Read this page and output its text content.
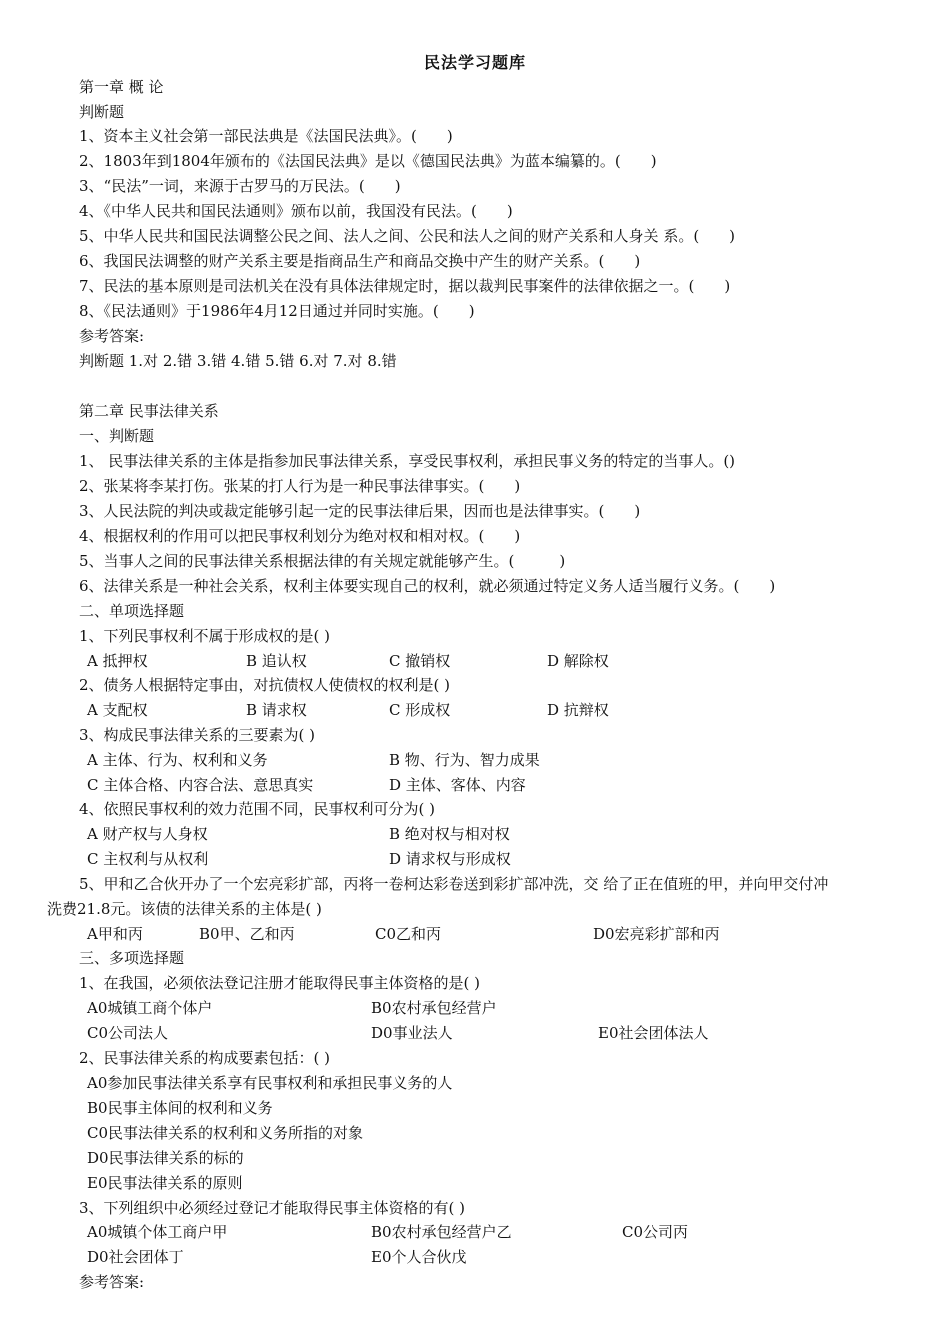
民法学习题库
第一章 概 论
判断题
1、资本主义社会第一部民法典是《法国民法典》。(　　)
2、1803年到1804年颁布的《法国民法典》是以《德国民法典》为蓝本编纂的。(　　)
3、“民法”一词，来源于古罗马的万民法。(　　)
4、《中华人民共和国民法通则》颁布以前，我国没有民法。(　　)
5、中华人民共和国民法调整公民之间、法人之间、公民和法人之间的财产关系和人身关 系。(　　)
6、我国民法调整的财产关系主要是指商品生产和商品交换中产生的财产关系。(　　)
7、民法的基本原则是司法机关在没有具体法律规定时，据以裁判民事案件的法律依据之一。(　　)
8、《民法通则》于1986年4月12日通过并同时实施。(　　)
参考答案:
判断题 1.对 2.错 3.错 4.错 5.错 6.对 7.对 8.错
第二章 民事法律关系
一、判断题
1、 民事法律关系的主体是指参加民事法律关系，享受民事权利，承担民事义务的特定的当事人。()
2、张某将李某打伤。张某的打人行为是一种民事法律事实。(　　)
3、人民法院的判决或裁定能够引起一定的民事法律后果，因而也是法律事实。(　　)
4、根据权利的作用可以把民事权利划分为绝对权和相对权。(　　)
5、当事人之间的民事法律关系根据法律的有关规定就能够产生。(　　　)
6、法律关系是一种社会关系，权利主体要实现自己的权利，就必须通过特定义务人适当履行义务。(　　)
二、单项选择题
1、下列民事权利不属于形成权的是( )
A 抵押权	B 追认权	C 撤销权	D 解除权
2、债务人根据特定事由，对抗债权人使债权的权利是( )
A 支配权	B 请求权	C 形成权	D 抗辩权
3、构成民事法律关系的三要素为( )
A 主体、行为、权利和义务	B 物、行为、智力成果
C 主体合格、内容合法、意思真实	D 主体、客体、内容
4、依照民事权利的效力范围不同，民事权利可分为( )
A 财产权与人身权	B 绝对权与相对权
C 主权利与从权利	D 请求权与形成权
5、甲和乙合伙开办了一个宏亮彩扩部，丙将一卷柯达彩卷送到彩扩部冲洗，交 给了正在值班的甲，并向甲交付冲
洗费21.8元。该债的法律关系的主体是( )
A甲和丙	B0甲、乙和丙	C0乙和丙	D0宏亮彩扩部和丙
三、多项选择题
1、在我国，必须依法登记注册才能取得民事主体资格的是( )
A0城镇工商个体户	B0农村承包经营户
C0公司法人	D0事业法人	E0社会团体法人
2、民事法律关系的构成要素包括：( )
A0参加民事法律关系享有民事权利和承担民事义务的人
B0民事主体间的权利和义务
C0民事法律关系的权利和义务所指的对象
D0民事法律关系的标的
E0民事法律关系的原则
3、下列组织中必须经过登记才能取得民事主体资格的有( )
A0城镇个体工商户甲	B0农村承包经营户乙	C0公司丙
D0社会团体丁	E0个人合伙戊
参考答案:
